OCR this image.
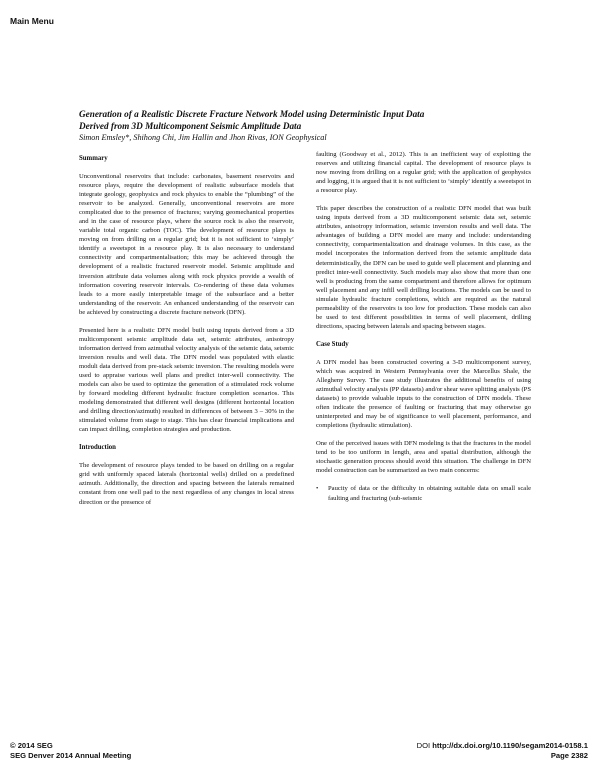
Main Menu

Generation of a Realistic Discrete Fracture Network Model using Deterministic Input Data
Derived from 3D Multicomponent Seismic Amplitude Data

Simon Emsley*, Shihong Chi, Jim Hallin and Jhon Rivas, ION Geophysical

Summary

Unconventional reservoirs that include: carbonates, basement reservoirs and resource plays, require the development of realistic subsurface models that integrate geology, geophysics and rock physics to enable the “plumbing” of the reservoir to be analyzed. Generally, unconventional reservoirs are more complicated due to the presence of fractures; varying geomechanical properties and in the case of resource plays, where the source rock is also the reservoir, variable total organic carbon (TOC). The development of resource plays is moving on from drilling on a regular grid; but it is not sufficient to ‘simply’ identify a sweetspot in a resource play. It is also necessary to understand connectivity and compartmentalisation; this may be achieved through the development of a realistic fractured reservoir model. Seismic amplitude and inversion attribute data volumes along with rock physics provide a wealth of information covering reservoir intervals. Co-rendering of these data volumes leads to a more easily interpretable image of the subsurface and a better understanding of the reservoir. An enhanced understanding of the reservoir can be achieved by constructing a discrete fracture network (DFN).

Presented here is a realistic DFN model built using inputs derived from a 3D multicomponent seismic amplitude data set, seismic attributes, anisotropy information derived from azimuthal velocity analysis of the seismic data, seismic inversion results and well data. The DFN model was populated with elastic moduli data derived from pre-stack seismic inversion. The resulting models were used to appraise various well plans and predict inter-well connectivity. The models can also be used to optimize the generation of a stimulated rock volume by forward modeling different hydraulic fracture completion scenarios. This modeling demonstrated that different well designs (different horizontal location and drilling direction/azimuth) resulted in differences of between 3 – 30% in the stimulated volume from stage to stage. This has clear financial implications and can impact drilling, completion strategies and production.

Introduction

The development of resource plays tended to be based on drilling on a regular grid with uniformly spaced laterals (horizontal wells) drilled on a predefined azimuth. Additionally, the direction and spacing between the laterals remained constant from one well pad to the next regardless of any changes in local stress direction or the presence of

faulting (Goodway et al., 2012). This is an inefficient way of exploiting the reserves and utilizing financial capital. The development of resource plays is now moving from drilling on a regular grid; with the application of geophysics and logging, it is argued that it is not sufficient to ‘simply’ identify a sweetspot in a resource play.

This paper describes the construction of a realistic DFN model that was built using inputs derived from a 3D multicomponent seismic data set, seismic attributes, anisotropy information, seismic inversion results and well data. The advantages of building a DFN model are many and include: understanding connectivity, compartmentalization and drainage volumes. In this case, as the model incorporates the information derived from the seismic amplitude data deterministically, the DFN can be used to guide well placement and planning and predict inter-well connectivity. Such models may also show that more than one well is producing from the same compartment and therefore allows for optimum well placement and any infill well drilling locations. The models can be used to simulate hydraulic fracture completions, which are required as the natural permeability of the reservoirs is too low for production. These models can also be used to test different possibilities in terms of well placement, drilling directions, spacing between laterals and spacing between stages.

Case Study

A DFN model has been constructed covering a 3-D multicomponent survey, which was acquired in Western Pennsylvania over the Marcellus Shale, the Allegheny Survey. The case study illustrates the additional benefits of using azimuthal velocity analysis (PP datasets) and/or shear wave splitting analysis (PS datasets) to provide valuable inputs to the construction of DFN models. These often indicate the presence of faulting or fracturing that may otherwise go uninterpreted and may be of significance to well placement, performance, and completions (hydraulic stimulation).

One of the perceived issues with DFN modeling is that the fractures in the model tend to be too uniform in length, area and spatial distribution, although the stochastic generation process should avoid this situation. The challenge in DFN model construction can be summarized as two main concerns:

• Paucity of data or the difficulty in obtaining suitable data on small scale faulting and fracturing (sub-seismic
© 2014 SEG
SEG Denver 2014 Annual Meeting
DOI http://dx.doi.org/10.1190/segam2014-0158.1
Page 2382
